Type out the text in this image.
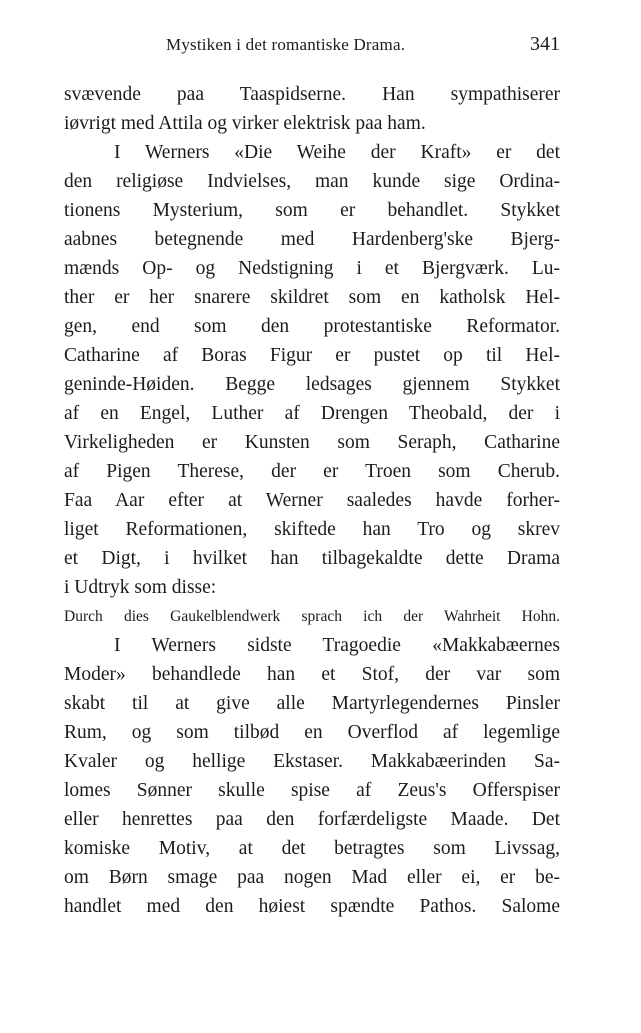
Mystiken i det romantiske Drama.	341
svævende paa Taaspidserne. Han sympathiserer
iøvrigt med Attila og virker elektrisk paa ham.
I Werners «Die Weihe der Kraft» er det
den religiøse Indvielses, man kunde sige Ordina-
tionens Mysterium, som er behandlet. Stykket
aabnes betegnende med Hardenberg'ske Bjerg-
mænds Op- og Nedstigning i et Bjergværk. Lu-
ther er her snarere skildret som en katholsk Hel-
gen, end som den protestantiske Reformator.
Catharine af Boras Figur er pustet op til Hel-
geninde-Høiden. Begge ledsages gjennem Stykket
af en Engel, Luther af Drengen Theobald, der i
Virkeligheden er Kunsten som Seraph, Catharine
af Pigen Therese, der er Troen som Cherub.
Faa Aar efter at Werner saaledes havde forher-
liget Reformationen, skiftede han Tro og skrev
et Digt, i hvilket han tilbagekaldte dette Drama
i Udtryk som disse:
Durch dies Gaukelblendwerk sprach ich der Wahrheit Hohn.
I Werners sidste Tragoedie «Makkabæernes
Moder» behandlede han et Stof, der var som
skabt til at give alle Martyrlegendernes Pinsler
Rum, og som tilbød en Overflod af legemlige
Kvaler og hellige Ekstaser. Makkabæerinden Sa-
lomes Sønner skulle spise af Zeus's Offerspiser
eller henrettes paa den forfærdeligste Maade. Det
komiske Motiv, at det betragtes som Livssag,
om Børn smage paa nogen Mad eller ei, er be-
handlet med den høiest spændte Pathos. Salome
